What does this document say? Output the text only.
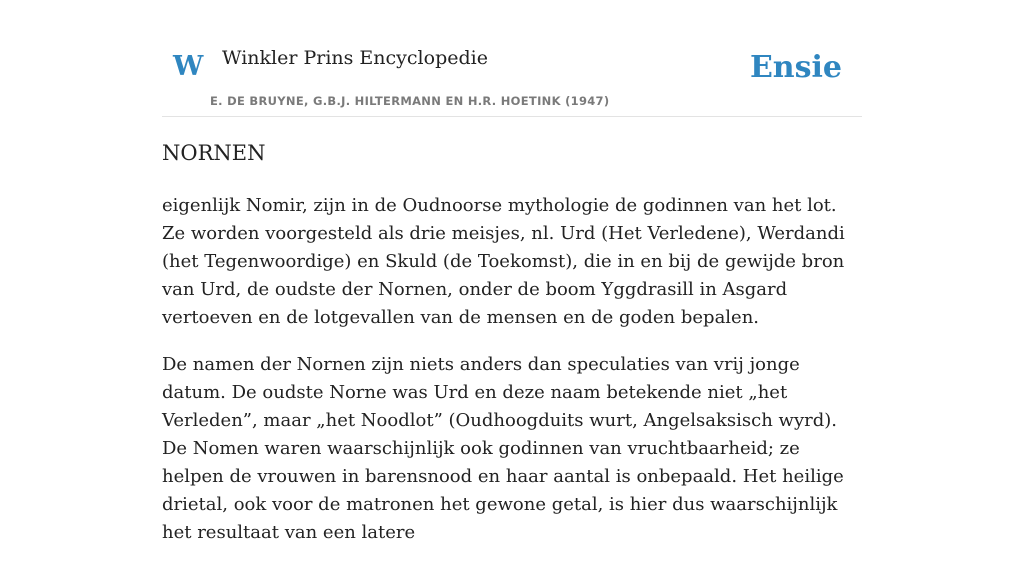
W Winkler Prins Encyclopedie	Ensie
E. DE BRUYNE, G.B.J. HILTERMANN EN H.R. HOETINK (1947)
NORNEN

eigenlijk Nomir, zijn in de Oudnoorse mythologie de godinnen van het lot. Ze worden voorgesteld als drie meisjes, nl. Urd (Het Verledene), Werdandi (het Tegenwoordige) en Skuld (de Toekomst), die in en bij de gewijde bron van Urd, de oudste der Nornen, onder de boom Yggdrasill in Asgard vertoeven en de lotgevallen van de mensen en de goden bepalen.

De namen der Nornen zijn niets anders dan speculaties van vrij jonge datum. De oudste Norne was Urd en deze naam betekende niet „het Verleden”, maar „het Noodlot” (Oudhoogduits wurt, Angelsaksisch wyrd). De Nomen waren waarschijnlijk ook godinnen van vruchtbaarheid; ze helpen de vrouwen in barensnood en haar aantal is onbepaald. Het heilige drietal, ook voor de matronen het gewone getal, is hier dus waarschijnlijk het resultaat van een latere
